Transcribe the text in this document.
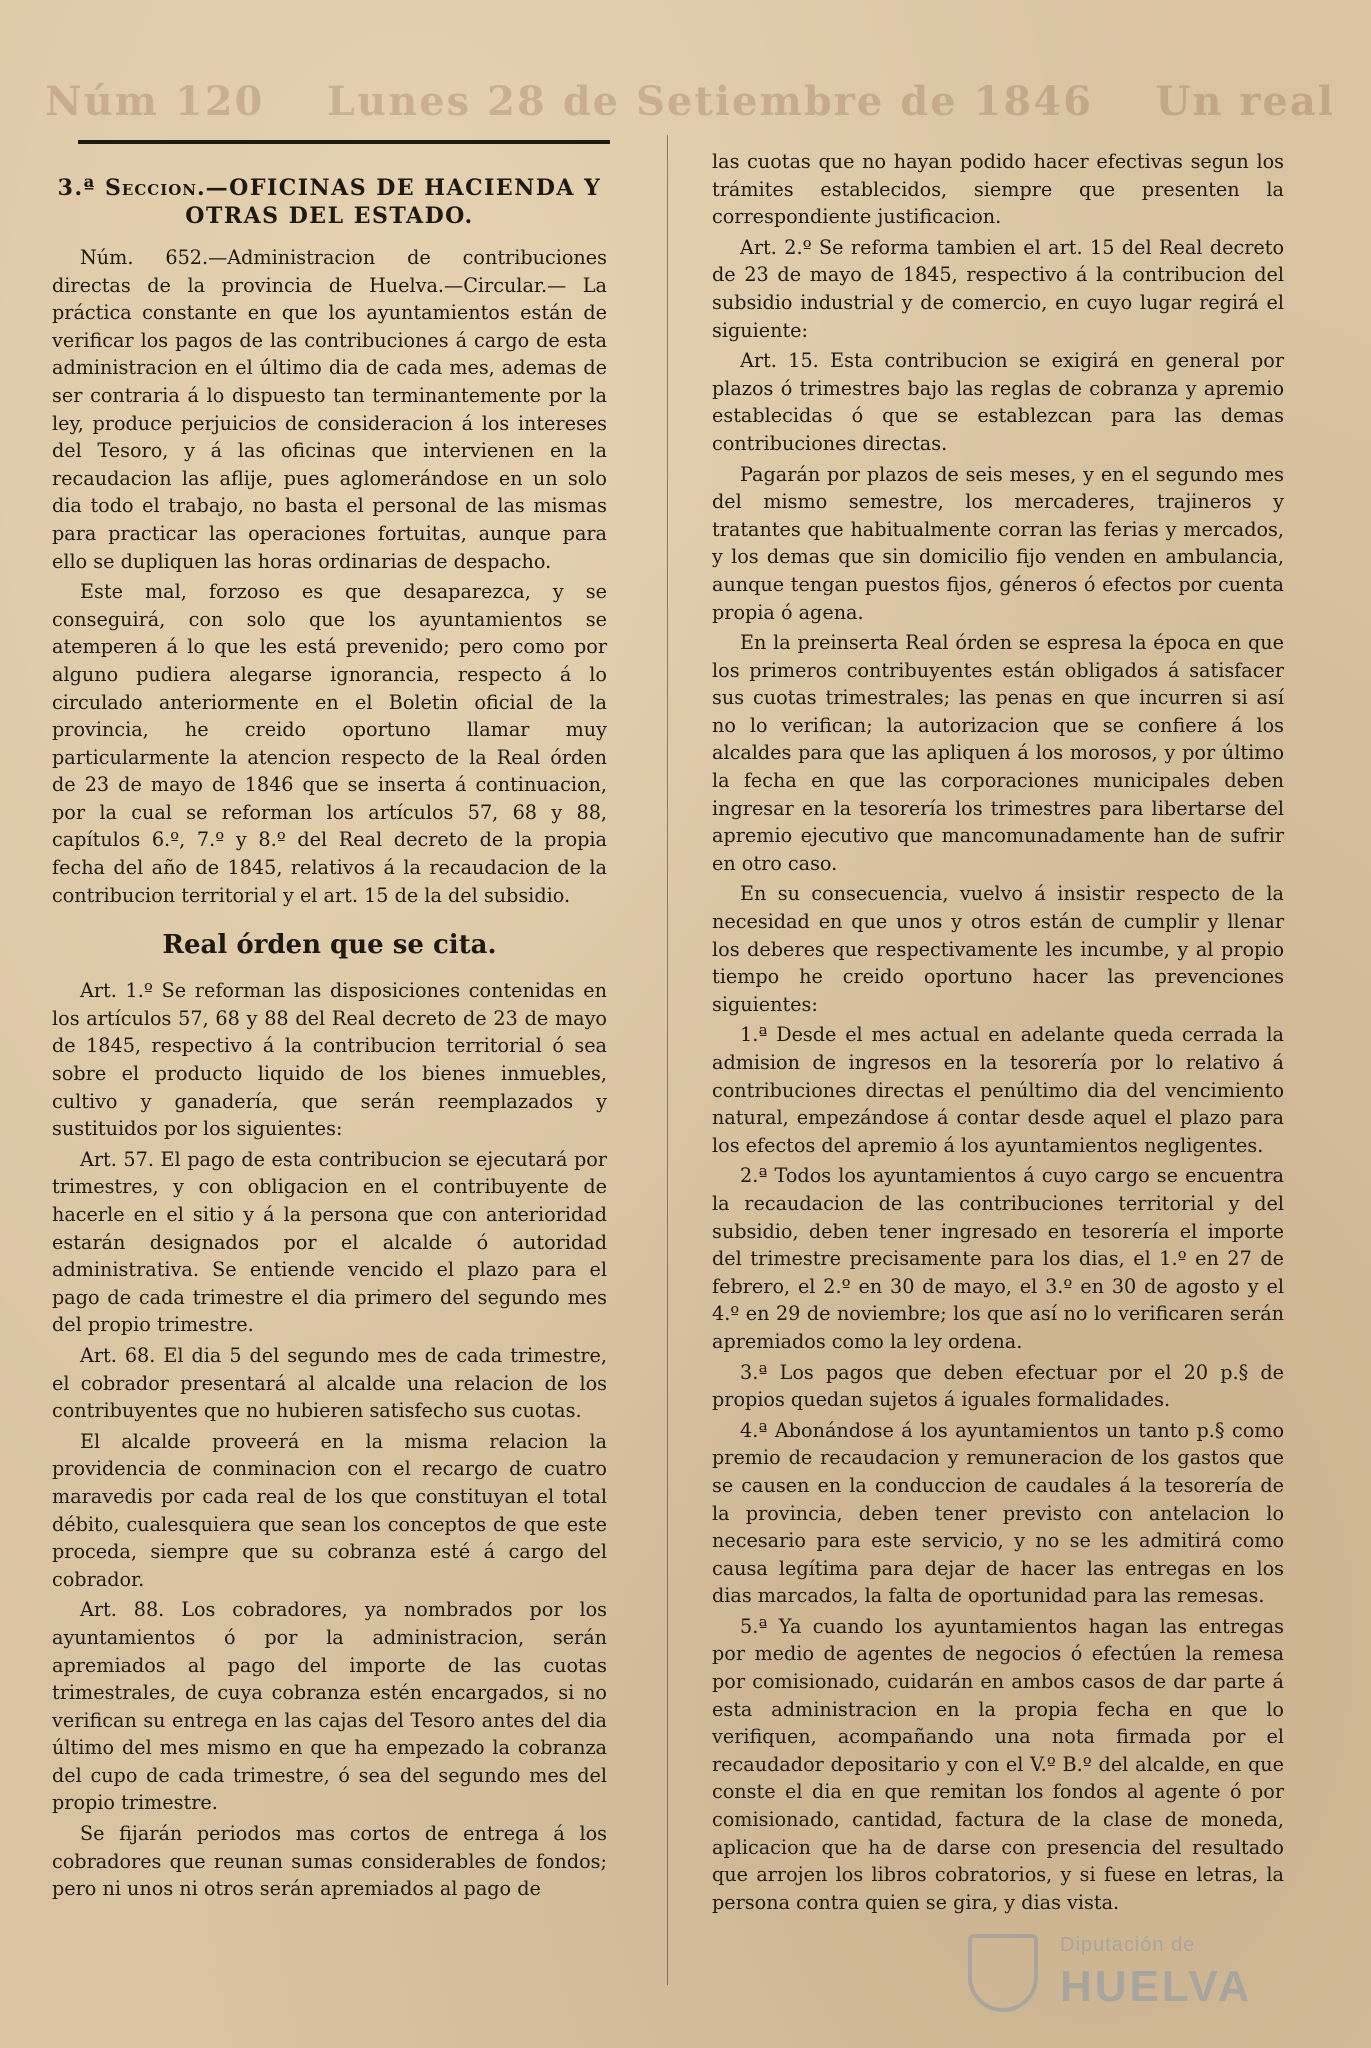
Núm 120 Lunes 28 de Setiembre de 1846 Un real
3.ª Seccion.—OFICINAS DE HACIENDA Y
OTRAS DEL ESTADO.

Núm. 652.—Administracion de contribuciones directas de la provincia de Huelva.—Circular.— La práctica constante en que los ayuntamientos están de verificar los pagos de las contribuciones á cargo de esta administracion en el último dia de cada mes, ademas de ser contraria á lo dispuesto tan terminantemente por la ley, produce perjuicios de consideracion á los intereses del Tesoro, y á las oficinas que intervienen en la recaudacion las aflije, pues aglomerándose en un solo dia todo el trabajo, no basta el personal de las mismas para practicar las operaciones fortuitas, aunque para ello se dupliquen las horas ordinarias de despacho.

Este mal, forzoso es que desaparezca, y se conseguirá, con solo que los ayuntamientos se atemperen á lo que les está prevenido; pero como por alguno pudiera alegarse ignorancia, respecto á lo circulado anteriormente en el Boletin oficial de la provincia, he creido oportuno llamar muy particularmente la atencion respecto de la Real órden de 23 de mayo de 1846 que se inserta á continuacion, por la cual se reforman los artículos 57, 68 y 88, capítulos 6.º, 7.º y 8.º del Real decreto de la propia fecha del año de 1845, relativos á la recaudacion de la contribucion territorial y el art. 15 de la del subsidio.

Real órden que se cita.

Art. 1.º Se reforman las disposiciones contenidas en los artículos 57, 68 y 88 del Real decreto de 23 de mayo de 1845, respectivo á la contribucion territorial ó sea sobre el producto liquido de los bienes inmuebles, cultivo y ganadería, que serán reemplazados y sustituidos por los siguientes:

Art. 57. El pago de esta contribucion se ejecutará por trimestres, y con obligacion en el contribuyente de hacerle en el sitio y á la persona que con anterioridad estarán designados por el alcalde ó autoridad administrativa. Se entiende vencido el plazo para el pago de cada trimestre el dia primero del segundo mes del propio trimestre.

Art. 68. El dia 5 del segundo mes de cada trimestre, el cobrador presentará al alcalde una relacion de los contribuyentes que no hubieren satisfecho sus cuotas.

El alcalde proveerá en la misma relacion la providencia de conminacion con el recargo de cuatro maravedis por cada real de los que constituyan el total débito, cualesquiera que sean los conceptos de que este proceda, siempre que su cobranza esté á cargo del cobrador.

Art. 88. Los cobradores, ya nombrados por los ayuntamientos ó por la administracion, serán apremiados al pago del importe de las cuotas trimestrales, de cuya cobranza estén encargados, si no verifican su entrega en las cajas del Tesoro antes del dia último del mes mismo en que ha empezado la cobranza del cupo de cada trimestre, ó sea del segundo mes del propio trimestre.

Se fijarán periodos mas cortos de entrega á los cobradores que reunan sumas considerables de fondos; pero ni unos ni otros serán apremiados al pago de

las cuotas que no hayan podido hacer efectivas segun los trámites establecidos, siempre que presenten la correspondiente justificacion.

Art. 2.º Se reforma tambien el art. 15 del Real decreto de 23 de mayo de 1845, respectivo á la contribucion del subsidio industrial y de comercio, en cuyo lugar regirá el siguiente:

Art. 15. Esta contribucion se exigirá en general por plazos ó trimestres bajo las reglas de cobranza y apremio establecidas ó que se establezcan para las demas contribuciones directas.

Pagarán por plazos de seis meses, y en el segundo mes del mismo semestre, los mercaderes, trajineros y tratantes que habitualmente corran las ferias y mercados, y los demas que sin domicilio fijo venden en ambulancia, aunque tengan puestos fijos, géneros ó efectos por cuenta propia ó agena.

En la preinserta Real órden se espresa la época en que los primeros contribuyentes están obligados á satisfacer sus cuotas trimestrales; las penas en que incurren si así no lo verifican; la autorizacion que se confiere á los alcaldes para que las apliquen á los morosos, y por último la fecha en que las corporaciones municipales deben ingresar en la tesorería los trimestres para libertarse del apremio ejecutivo que mancomunadamente han de sufrir en otro caso.

En su consecuencia, vuelvo á insistir respecto de la necesidad en que unos y otros están de cumplir y llenar los deberes que respectivamente les incumbe, y al propio tiempo he creido oportuno hacer las prevenciones siguientes:

1.ª Desde el mes actual en adelante queda cerrada la admision de ingresos en la tesorería por lo relativo á contribuciones directas el penúltimo dia del vencimiento natural, empezándose á contar desde aquel el plazo para los efectos del apremio á los ayuntamientos negligentes.

2.ª Todos los ayuntamientos á cuyo cargo se encuentra la recaudacion de las contribuciones territorial y del subsidio, deben tener ingresado en tesorería el importe del trimestre precisamente para los dias, el 1.º en 27 de febrero, el 2.º en 30 de mayo, el 3.º en 30 de agosto y el 4.º en 29 de noviembre; los que así no lo verificaren serán apremiados como la ley ordena.

3.ª Los pagos que deben efectuar por el 20 p.§ de propios quedan sujetos á iguales formalidades.

4.ª Abonándose á los ayuntamientos un tanto p.§ como premio de recaudacion y remuneracion de los gastos que se causen en la conduccion de caudales á la tesorería de la provincia, deben tener previsto con antelacion lo necesario para este servicio, y no se les admitirá como causa legítima para dejar de hacer las entregas en los dias marcados, la falta de oportunidad para las remesas.

5.ª Ya cuando los ayuntamientos hagan las entregas por medio de agentes de negocios ó efectúen la remesa por comisionado, cuidarán en ambos casos de dar parte á esta administracion en la propia fecha en que lo verifiquen, acompañando una nota firmada por el recaudador depositario y con el V.º B.º del alcalde, en que conste el dia en que remitan los fondos al agente ó por comisionado, cantidad, factura de la clase de moneda, aplicacion que ha de darse con presencia del resultado que arrojen los libros cobratorios, y si fuese en letras, la persona contra quien se gira, y dias vista.

Diputación de
HUELVA
